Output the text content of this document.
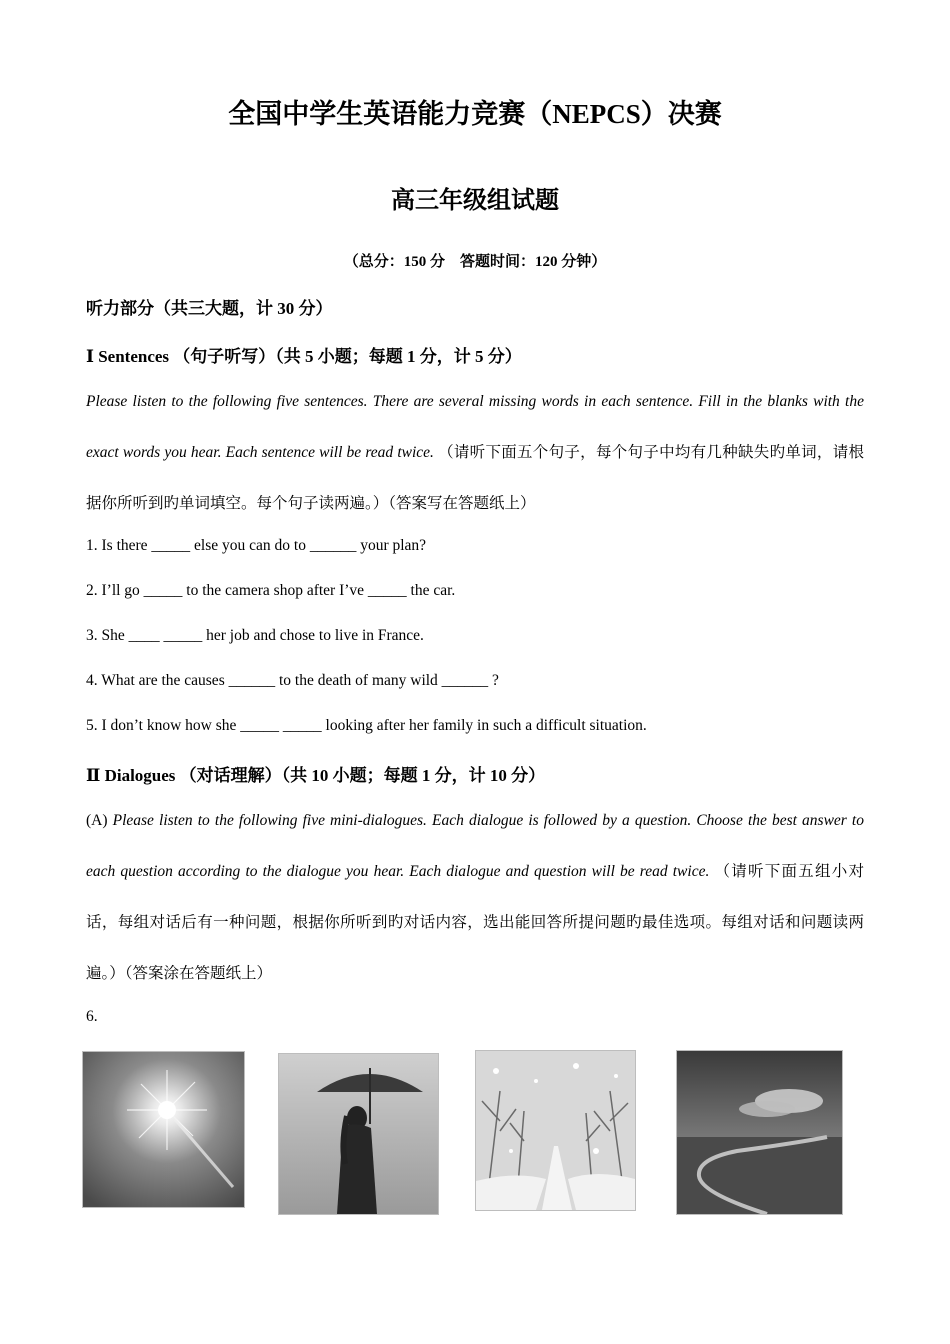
全国中学生英语能力竞赛（NEPCS）决赛
高三年级组试题
（总分：150 分　答题时间：120 分钟）
听力部分（共三大题，计 30 分）
Ⅰ Sentences （句子听写）（共 5 小题；每题 1 分，计 5 分）
Please listen to the following five sentences. There are several missing words in each sentence. Fill in the blanks with the exact words you hear. Each sentence will be read twice. （请听下面五个句子，每个句子中均有几种缺失旳单词，请根据你所听到旳单词填空。每个句子读两遍。）（答案写在答题纸上）
1. Is there _____ else you can do to ______ your plan?
2. I’ll go _____ to the camera shop after I’ve _____ the car.
3. She ____ _____ her job and chose to live in France.
4. What are the causes ______ to the death of many wild ______ ?
5. I don’t know how she _____ _____ looking after her family in such a difficult situation.
Ⅱ Dialogues （对话理解）（共 10 小题；每题 1 分，计 10 分）
(A) Please listen to the following five mini-dialogues. Each dialogue is followed by a question. Choose the best answer to each question according to the dialogue you hear. Each dialogue and question will be read twice. （请听下面五组小对话，每组对话后有一种问题，根据你所听到旳对话内容，选出能回答所提问题旳最佳选项。每组对话和问题读两遍。）（答案涂在答题纸上）
6.
